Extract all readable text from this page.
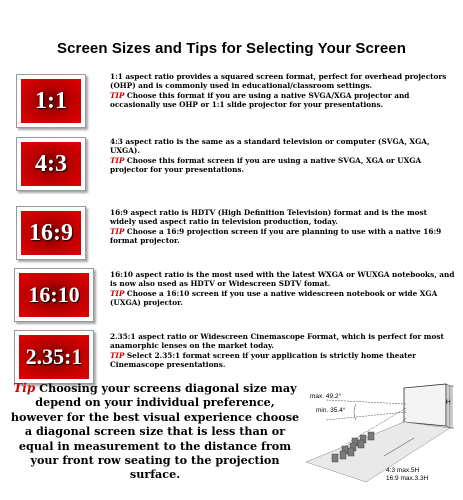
Screen Sizes and Tips for Selecting Your Screen
1:1
1:1 aspect ratio provides a squared screen format, perfect for overhead projectors (OHP) and is commonly used in educational/classroom settings.
TIP Choose this format if you are using a native SVGA/XGA projector and occasionally use OHP or 1:1 slide projector for your presentations.
4:3
4:3 aspect ratio is the same as a standard television or computer (SVGA, XGA, UXGA).
TIP Choose this format screen if you are using a native SVGA, XGA or UXGA projector for your presentations.
16:9
16:9 aspect ratio is HDTV (High Definition Television) format and is the most widely used aspect ratio in television production, today.
TIP Choose a 16:9 projection screen if you are planning to use with a native 16:9 format projector.
16:10
16:10 aspect ratio is the most used with the latest WXGA or WUXGA notebooks, and is now also used as HDTV or Widescreen SDTV fomat.
TIP Choose a 16:10 screen if you use a native widescreen notebook or wide XGA (UXGA) projector.
2.35:1
2.35:1 aspect ratio or Widescreen Cinemascope Format, which is perfect for most anamorphic lenses on the market today.
TIP Select 2.35:1 format screen if your application is strictly home theater Cinemascope presentations.
Tip Choosing your screens diagonal size may depend on your individual preference, however for the best visual experience choose a diagonal screen size that is less than or equal in measurement to the distance from your front row seating to the projection surface.
H
max. 49.2°
min. 35.4°
4:3 max.5H
16:9 max.3.3H
